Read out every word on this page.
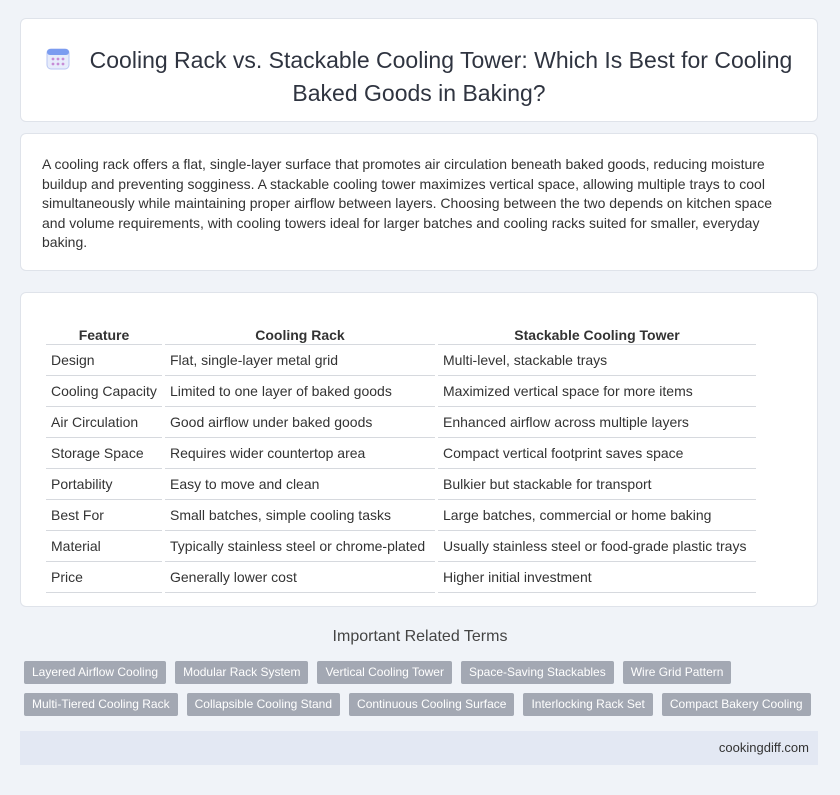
Cooling Rack vs. Stackable Cooling Tower: Which Is Best for Cooling Baked Goods in Baking?
A cooling rack offers a flat, single-layer surface that promotes air circulation beneath baked goods, reducing moisture buildup and preventing sogginess. A stackable cooling tower maximizes vertical space, allowing multiple trays to cool simultaneously while maintaining proper airflow between layers. Choosing between the two depends on kitchen space and volume requirements, with cooling towers ideal for larger batches and cooling racks suited for smaller, everyday baking.
Feature	Cooling Rack	Stackable Cooling Tower
Design	Flat, single-layer metal grid	Multi-level, stackable trays
Cooling Capacity	Limited to one layer of baked goods	Maximized vertical space for more items
Air Circulation	Good airflow under baked goods	Enhanced airflow across multiple layers
Storage Space	Requires wider countertop area	Compact vertical footprint saves space
Portability	Easy to move and clean	Bulkier but stackable for transport
Best For	Small batches, simple cooling tasks	Large batches, commercial or home baking
Material	Typically stainless steel or chrome-plated	Usually stainless steel or food-grade plastic trays
Price	Generally lower cost	Higher initial investment
Important Related Terms
Layered Airflow Cooling	Modular Rack System	Vertical Cooling Tower	Space-Saving Stackables	Wire Grid Pattern
Multi-Tiered Cooling Rack	Collapsible Cooling Stand	Continuous Cooling Surface	Interlocking Rack Set	Compact Bakery Cooling
cookingdiff.com
